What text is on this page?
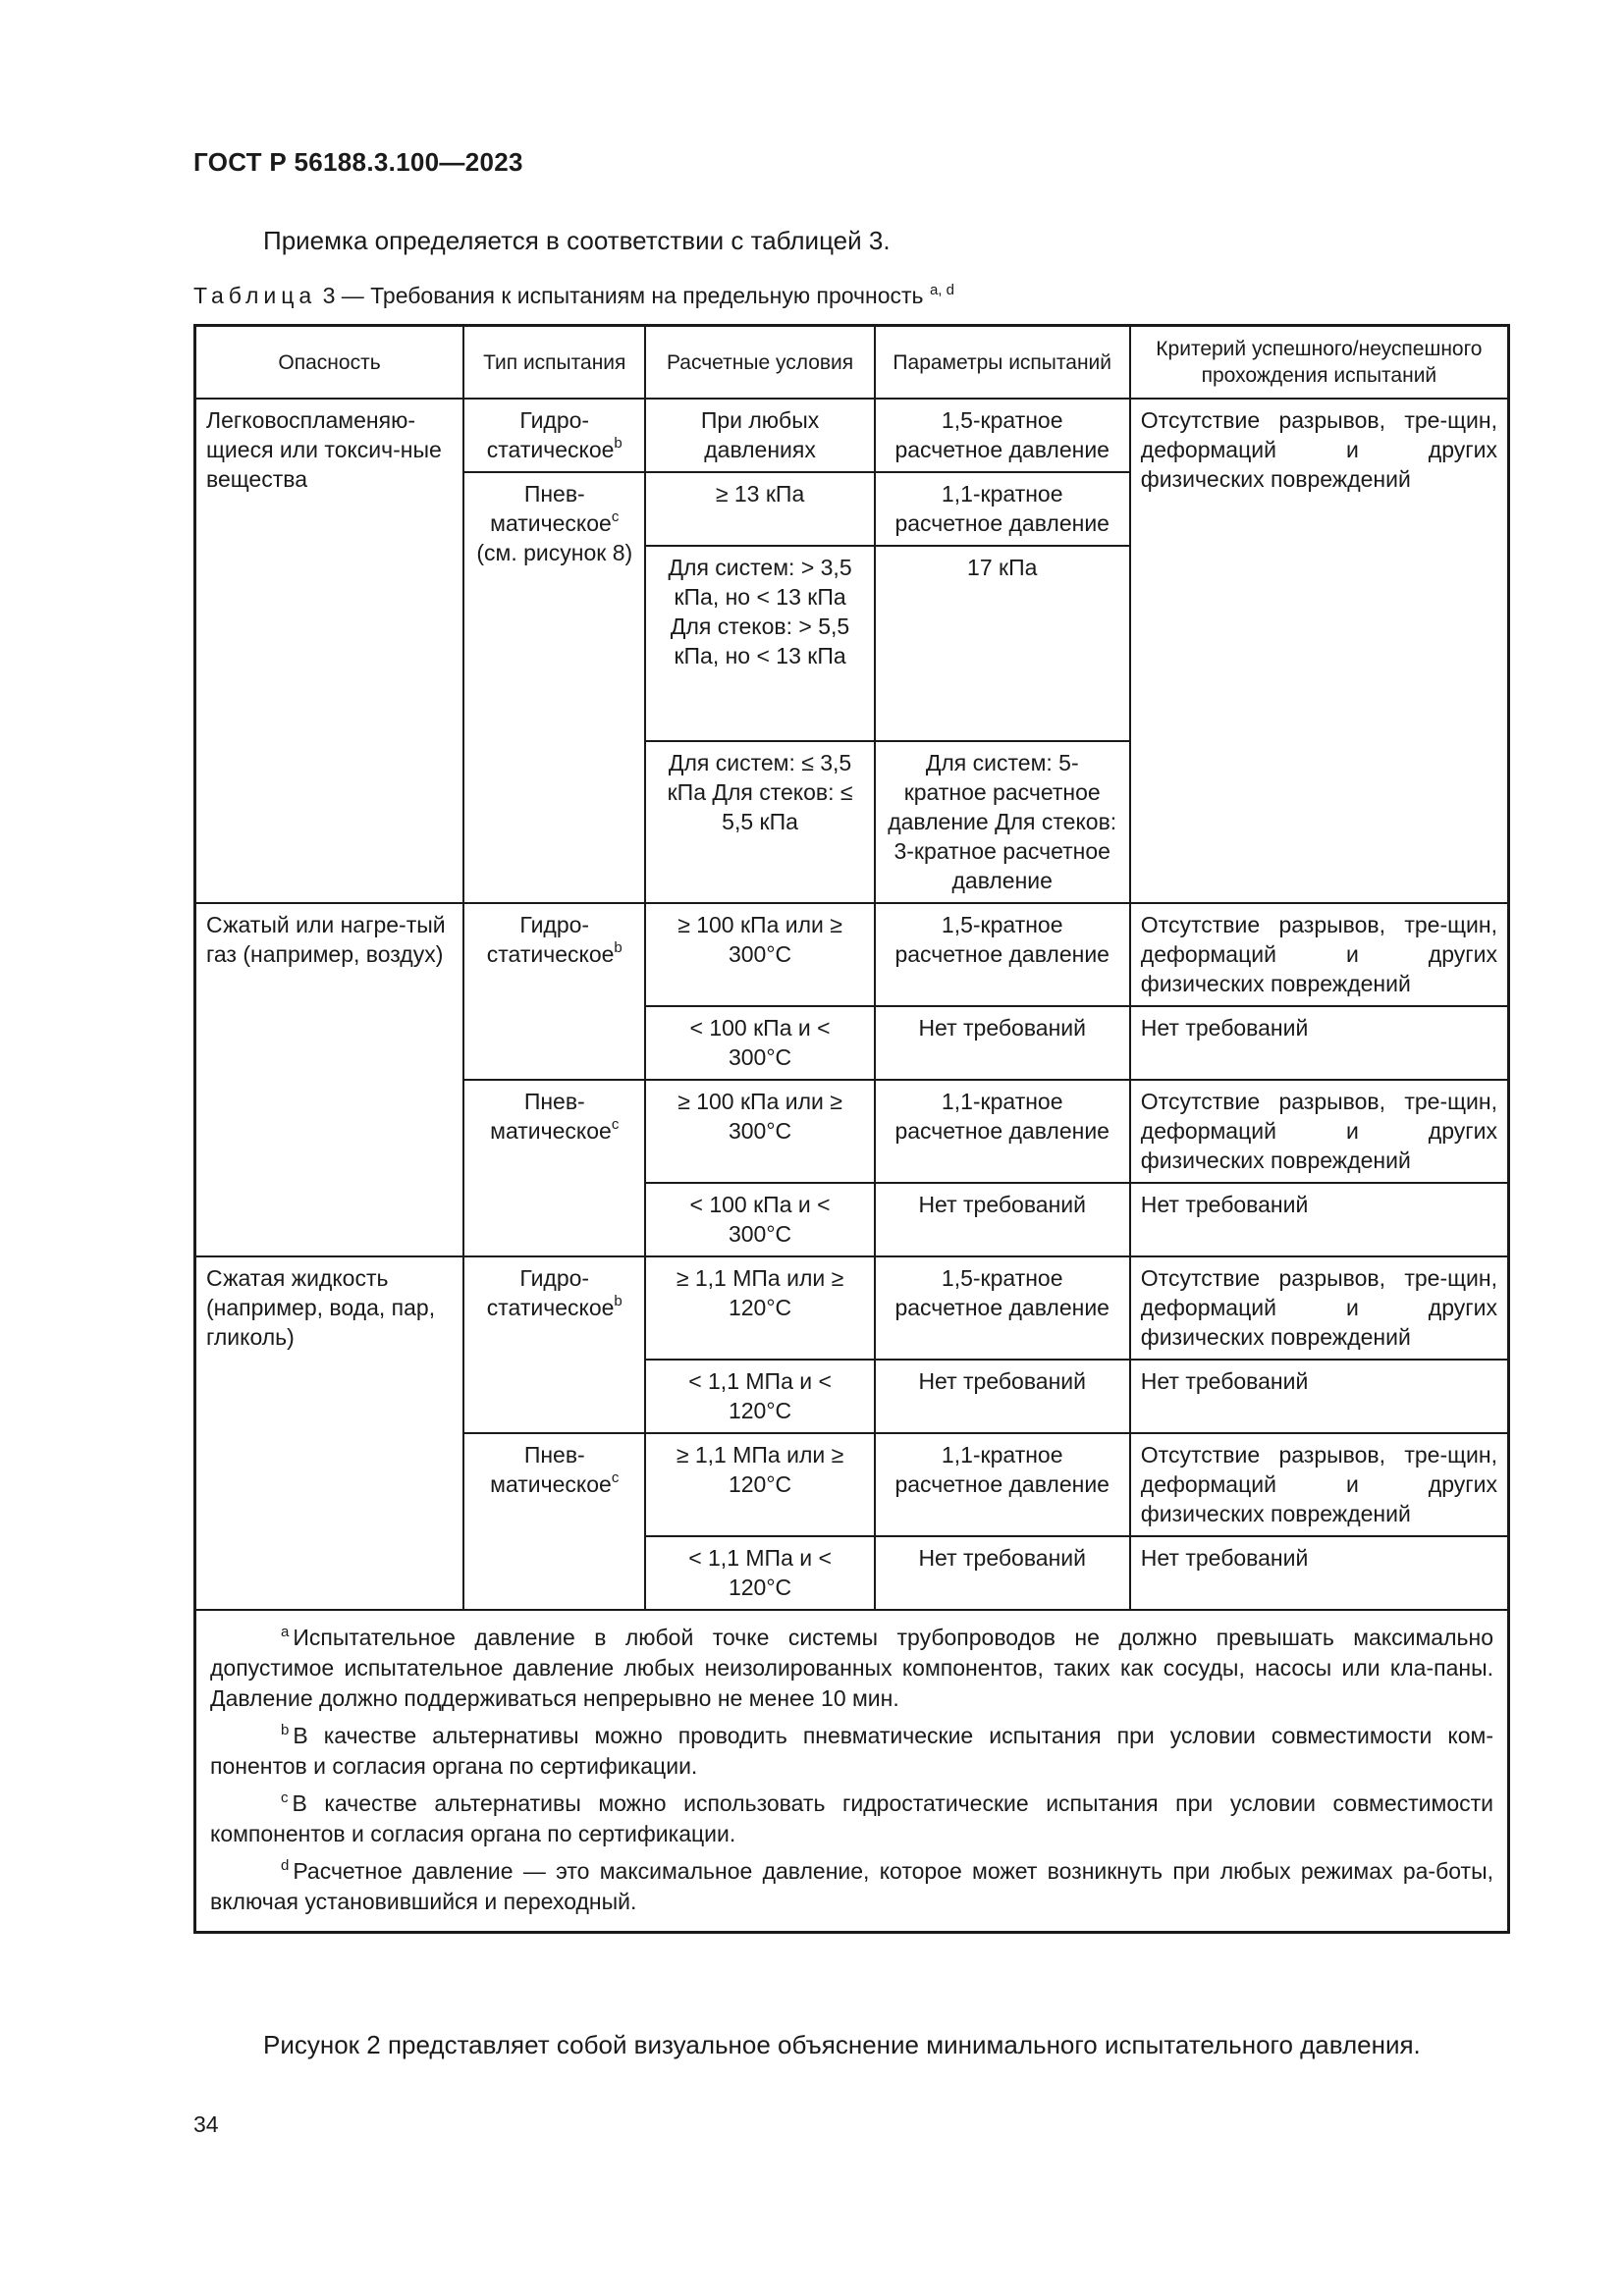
ГОСТ Р 56188.3.100—2023
Приемка определяется в соответствии с таблицей 3.
Таблица 3 — Требования к испытаниям на предельную прочность $^{a, d}$
Опасность	Тип испытания	Расчетные условия	Параметры испытаний	Критерий успешного/неуспешного прохождения испытаний
Легковоспламеняю-щиеся или токсич-ные вещества	Гидро-статическое$^b$	При любых давлениях	1,5-кратное расчетное давление	Отсутствие разрывов, тре-щин, деформаций и других физических повреждений
	Пнев-матическое$^c$ (см. рисунок 8)	≥ 13 кПа	1,1-кратное расчетное давление	
		Для систем: > 3,5 кПа, но < 13 кПа Для стеков: > 5,5 кПа, но < 13 кПа	17 кПа	
		Для систем: ≤ 3,5 кПа Для стеков: ≤ 5,5 кПа	Для систем: 5-кратное расчетное давление Для стеков: 3-кратное расчетное давление	
Сжатый или нагре-тый газ (например, воздух)	Гидро-статическое$^b$	≥ 100 кПа или ≥ 300°C	1,5-кратное расчетное давление	Отсутствие разрывов, тре-щин, деформаций и других физических повреждений
		< 100 кПа и < 300°C	Нет требований	Нет требований
	Пнев-матическое$^c$	≥ 100 кПа или ≥ 300°C	1,1-кратное расчетное давление	Отсутствие разрывов, тре-щин, деформаций и других физических повреждений
		< 100 кПа и < 300°C	Нет требований	Нет требований
Сжатая жидкость (например, вода, пар, гликоль)	Гидро-статическое$^b$	≥ 1,1 МПа или ≥ 120°C	1,5-кратное расчетное давление	Отсутствие разрывов, тре-щин, деформаций и других физических повреждений
		< 1,1 МПа и < 120°C	Нет требований	Нет требований
	Пнев-матическое$^c$	≥ 1,1 МПа или ≥ 120°C	1,1-кратное расчетное давление	Отсутствие разрывов, тре-щин, деформаций и других физических повреждений
		< 1,1 МПа и < 120°C	Нет требований	Нет требований

$^a$ Испытательное давление в любой точке системы трубопроводов не должно превышать максимально допустимое испытательное давление любых неизолированных компонентов, таких как сосуды, насосы или кла-паны. Давление должно поддерживаться непрерывно не менее 10 мин.

$^b$ В качестве альтернативы можно проводить пневматические испытания при условии совместимости ком-понентов и согласия органа по сертификации.

$^c$ В качестве альтернативы можно использовать гидростатические испытания при условии совместимости компонентов и согласия органа по сертификации.

$^d$ Расчетное давление — это максимальное давление, которое может возникнуть при любых режимах ра-боты, включая установившийся и переходный.				

Рисунок 2 представляет собой визуальное объяснение минимального испытательного давления.
34
